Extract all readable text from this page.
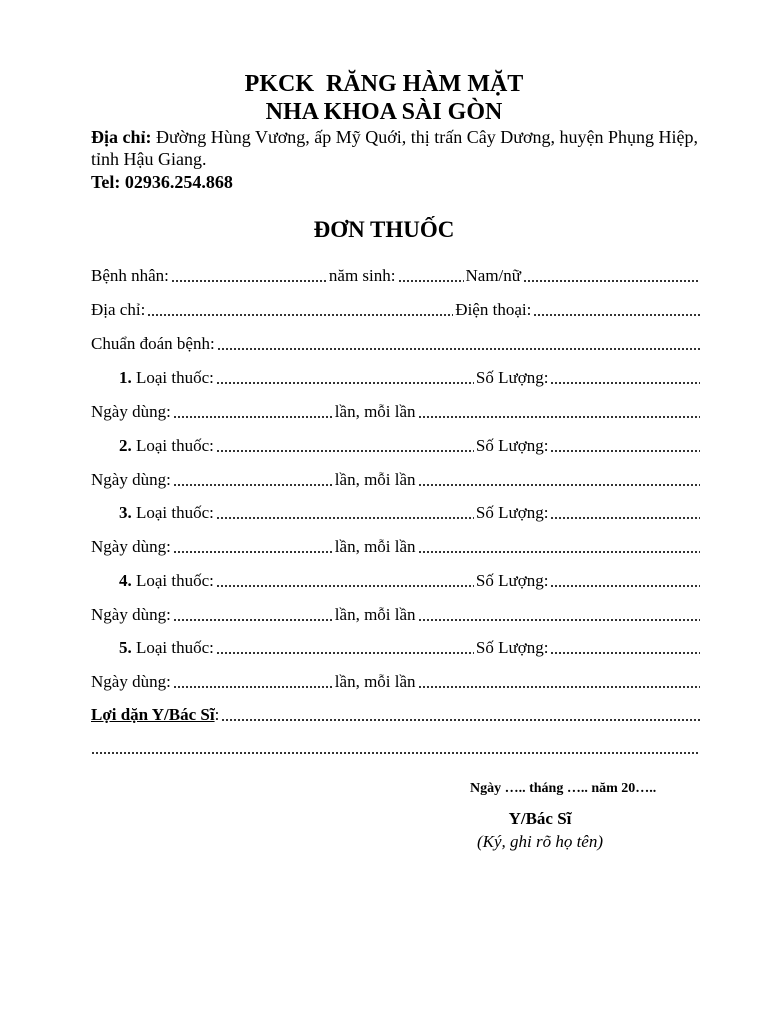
PKCK  RĂNG HÀM MẶT
NHA KHOA SÀI GÒN
Địa chỉ: Đường Hùng Vương, ấp Mỹ Quới, thị trấn Cây Dương, huyện Phụng Hiệp, tỉnh Hậu Giang.
Tel: 02936.254.868
ĐƠN THUỐC
Bệnh nhân:	năm sinh:	Nam/nữ
Địa chỉ:	Điện thoại:
Chuẩn đoán bệnh:
1. Loại thuốc:	Số Lượng:
Ngày dùng:	lần, mỗi lần
2. Loại thuốc:	Số Lượng:
Ngày dùng:	lần, mỗi lần
3. Loại thuốc:	Số Lượng:
Ngày dùng:	lần, mỗi lần
4. Loại thuốc:	Số Lượng:
Ngày dùng:	lần, mỗi lần
5. Loại thuốc:	Số Lượng:
Ngày dùng:	lần, mỗi lần
Lợi dặn Y/Bác Sĩ:
Ngày ….. tháng ….. năm 20…..
Y/Bác Sĩ
(Ký, ghi rõ họ tên)
